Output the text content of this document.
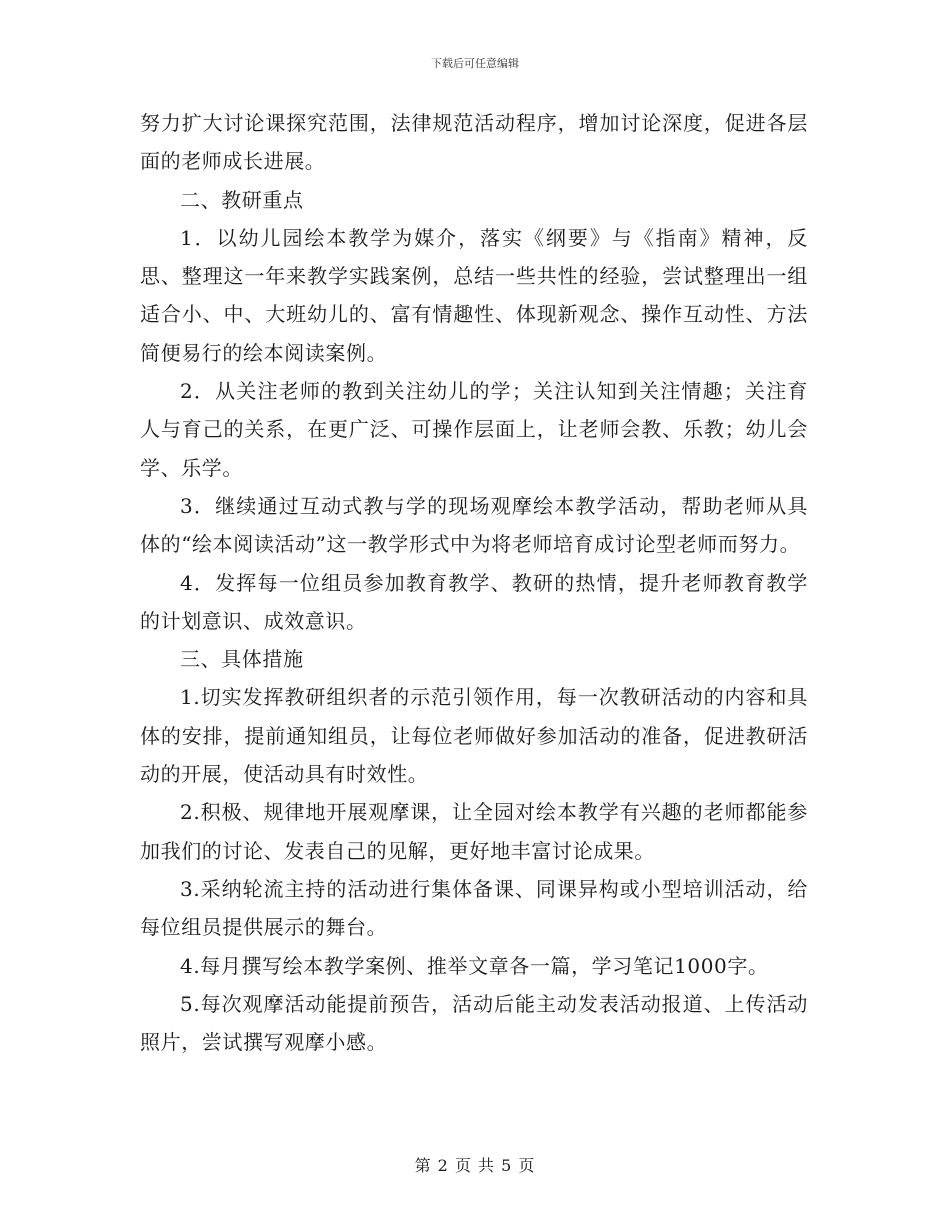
下载后可任意编辑

努力扩大讨论课探究范围，法律规范活动程序，增加讨论深度，促进各层面的老师成长进展。

二、教研重点

1．以幼儿园绘本教学为媒介，落实《纲要》与《指南》精神，反思、整理这一年来教学实践案例，总结一些共性的经验，尝试整理出一组适合小、中、大班幼儿的、富有情趣性、体现新观念、操作互动性、方法简便易行的绘本阅读案例。

2．从关注老师的教到关注幼儿的学；关注认知到关注情趣；关注育人与育己的关系，在更广泛、可操作层面上，让老师会教、乐教；幼儿会学、乐学。

3．继续通过互动式教与学的现场观摩绘本教学活动，帮助老师从具体的“绘本阅读活动”这一教学形式中为将老师培育成讨论型老师而努力。

4．发挥每一位组员参加教育教学、教研的热情，提升老师教育教学的计划意识、成效意识。

三、具体措施

1.切实发挥教研组织者的示范引领作用，每一次教研活动的内容和具体的安排，提前通知组员，让每位老师做好参加活动的准备，促进教研活动的开展，使活动具有时效性。

2.积极、规律地开展观摩课，让全园对绘本教学有兴趣的老师都能参加我们的讨论、发表自己的见解，更好地丰富讨论成果。

3.采纳轮流主持的活动进行集体备课、同课异构或小型培训活动，给每位组员提供展示的舞台。

4.每月撰写绘本教学案例、推举文章各一篇，学习笔记1000字。

5.每次观摩活动能提前预告，活动后能主动发表活动报道、上传活动照片，尝试撰写观摩小感。

第 2 页 共 5 页
